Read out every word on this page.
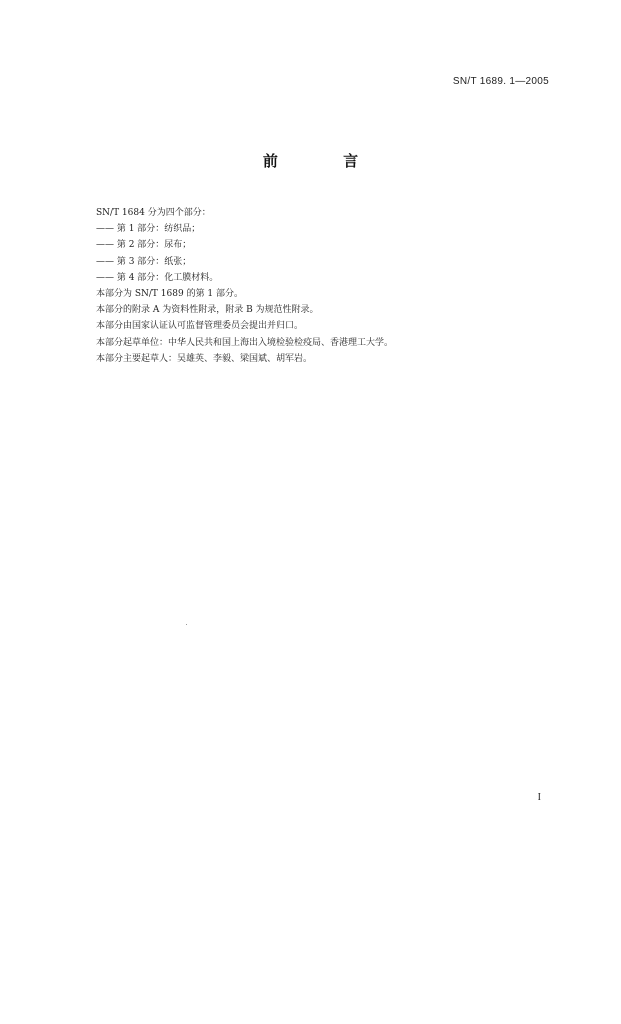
SN/T 1689. 1—2005
前 言
SN/T 1684 分为四个部分：
—— 第 1 部分：纺织品；
—— 第 2 部分：尿布；
—— 第 3 部分：纸张；
—— 第 4 部分：化工膜材料。
本部分为 SN/T 1689 的第 1 部分。
本部分的附录 A 为资料性附录，附录 B 为规范性附录。
本部分由国家认证认可监督管理委员会提出并归口。
本部分起草单位：中华人民共和国上海出入境检验检疫局、香港理工大学。
本部分主要起草人：吴雄英、李毅、梁国斌、胡军岩。
I
